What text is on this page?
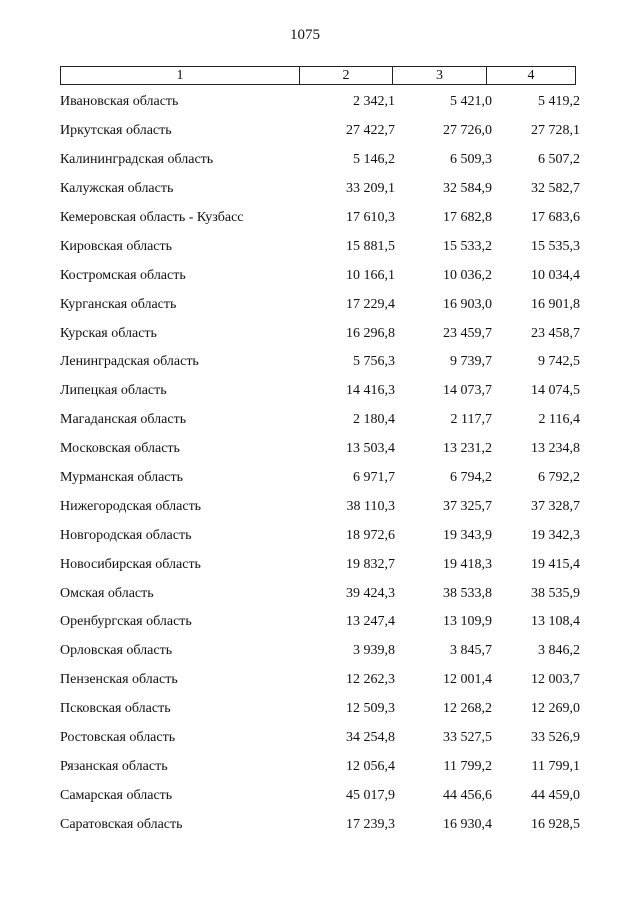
1075
1	2	3	4
Ивановская область	2 342,1	5 421,0	5 419,2
Иркутская область	27 422,7	27 726,0	27 728,1
Калининградская область	5 146,2	6 509,3	6 507,2
Калужская область	33 209,1	32 584,9	32 582,7
Кемеровская область - Кузбасс	17 610,3	17 682,8	17 683,6
Кировская область	15 881,5	15 533,2	15 535,3
Костромская область	10 166,1	10 036,2	10 034,4
Курганская область	17 229,4	16 903,0	16 901,8
Курская область	16 296,8	23 459,7	23 458,7
Ленинградская область	5 756,3	9 739,7	9 742,5
Липецкая область	14 416,3	14 073,7	14 074,5
Магаданская область	2 180,4	2 117,7	2 116,4
Московская область	13 503,4	13 231,2	13 234,8
Мурманская область	6 971,7	6 794,2	6 792,2
Нижегородская область	38 110,3	37 325,7	37 328,7
Новгородская область	18 972,6	19 343,9	19 342,3
Новосибирская область	19 832,7	19 418,3	19 415,4
Омская область	39 424,3	38 533,8	38 535,9
Оренбургская область	13 247,4	13 109,9	13 108,4
Орловская область	3 939,8	3 845,7	3 846,2
Пензенская область	12 262,3	12 001,4	12 003,7
Псковская область	12 509,3	12 268,2	12 269,0
Ростовская область	34 254,8	33 527,5	33 526,9
Рязанская область	12 056,4	11 799,2	11 799,1
Самарская область	45 017,9	44 456,6	44 459,0
Саратовская область	17 239,3	16 930,4	16 928,5
